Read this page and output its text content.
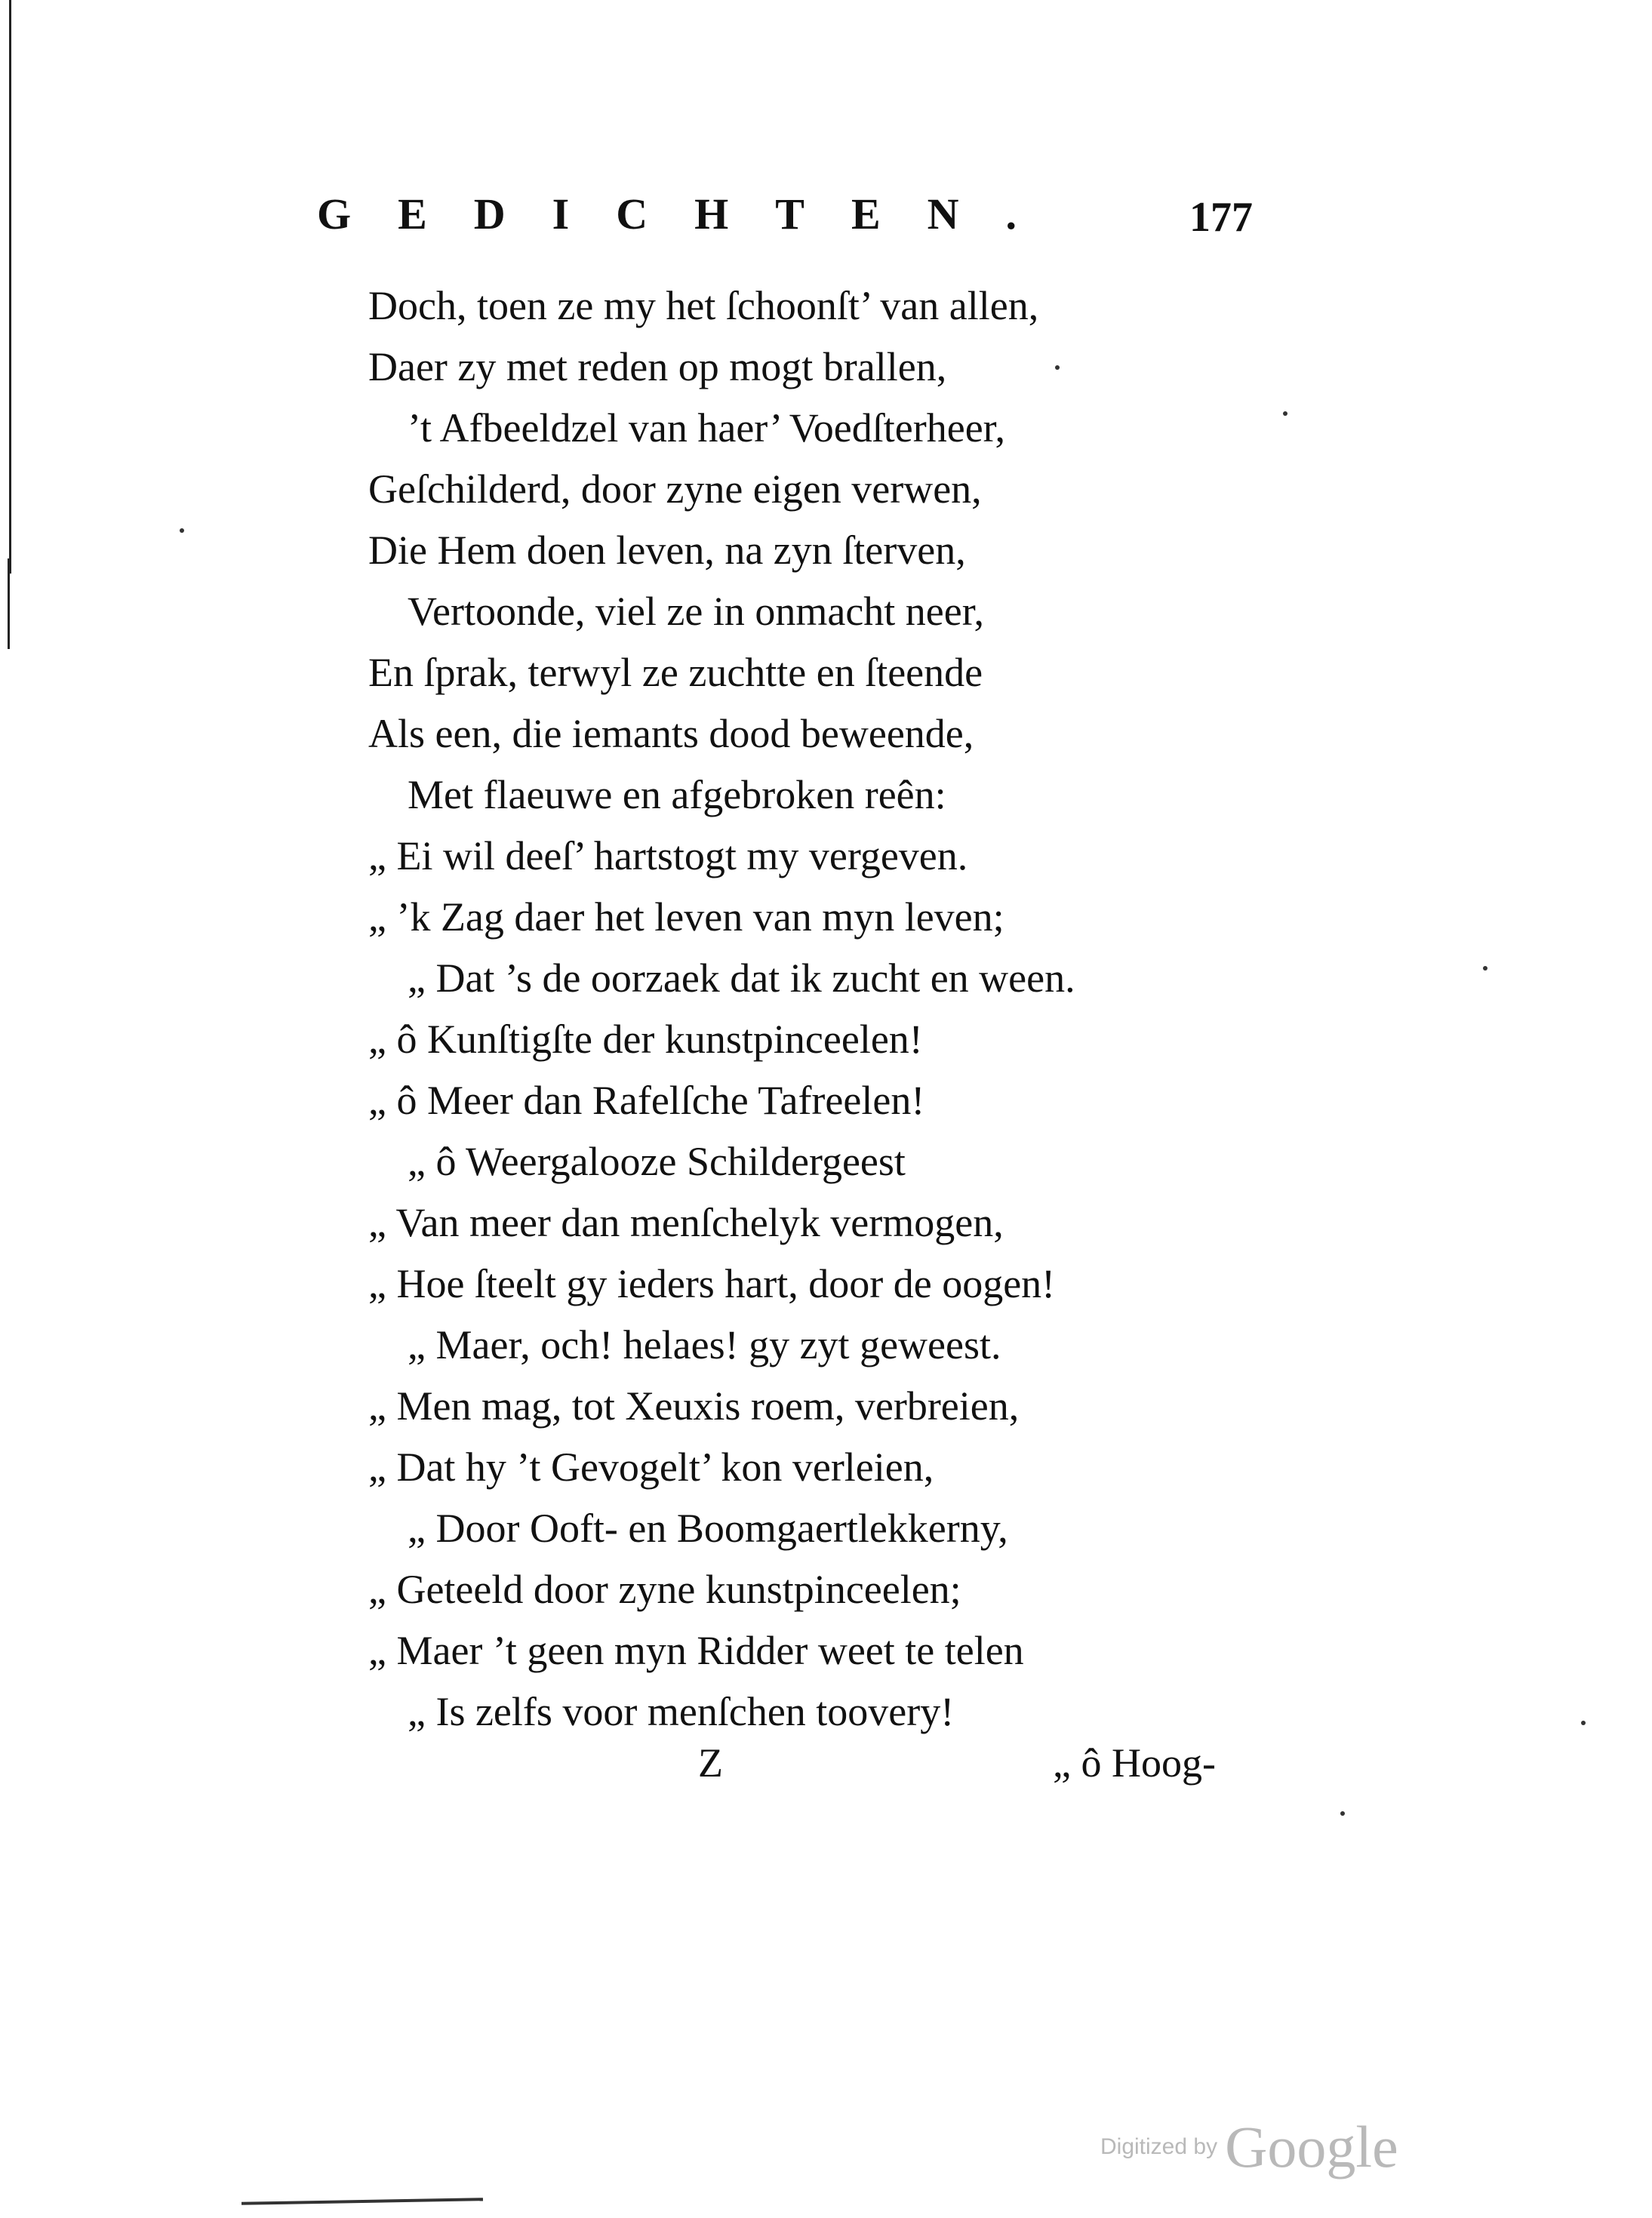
GEDICHTEN.	177
Doch, toen ze my het ſchoonſt’ van allen,
Daer zy met reden op mogt brallen,
’t Afbeeldzel van haer’ Voedſterheer,
Geſchilderd, door zyne eigen verwen,
Die Hem doen leven, na zyn ſterven,
Vertoonde, viel ze in onmacht neer,
En ſprak, terwyl ze zuchtte en ſteende
Als een, die iemants dood beweende,
Met flaeuwe en afgebroken reên:
„ Ei wil deeſ’ hartstogt my vergeven.
„ ’k Zag daer het leven van myn leven;
„ Dat ’s de oorzaek dat ik zucht en ween.
„ ô Kunſtigſte der kunstpinceelen!
„ ô Meer dan Rafelſche Tafreelen!
„ ô Weergalooze Schildergeest
„ Van meer dan menſchelyk vermogen,
„ Hoe ſteelt gy ieders hart, door de oogen!
„ Maer, och! helaes! gy zyt geweest.
„ Men mag, tot Xeuxis roem, verbreien,
„ Dat hy ’t Gevogelt’ kon verleien,
„ Door Ooft- en Boomgaertlekkerny,
„ Geteeld door zyne kunstpinceelen;
„ Maer ’t geen myn Ridder weet te telen
„ Is zelfs voor menſchen toovery!
Z	„ ô Hoog-
Digitized by Google
